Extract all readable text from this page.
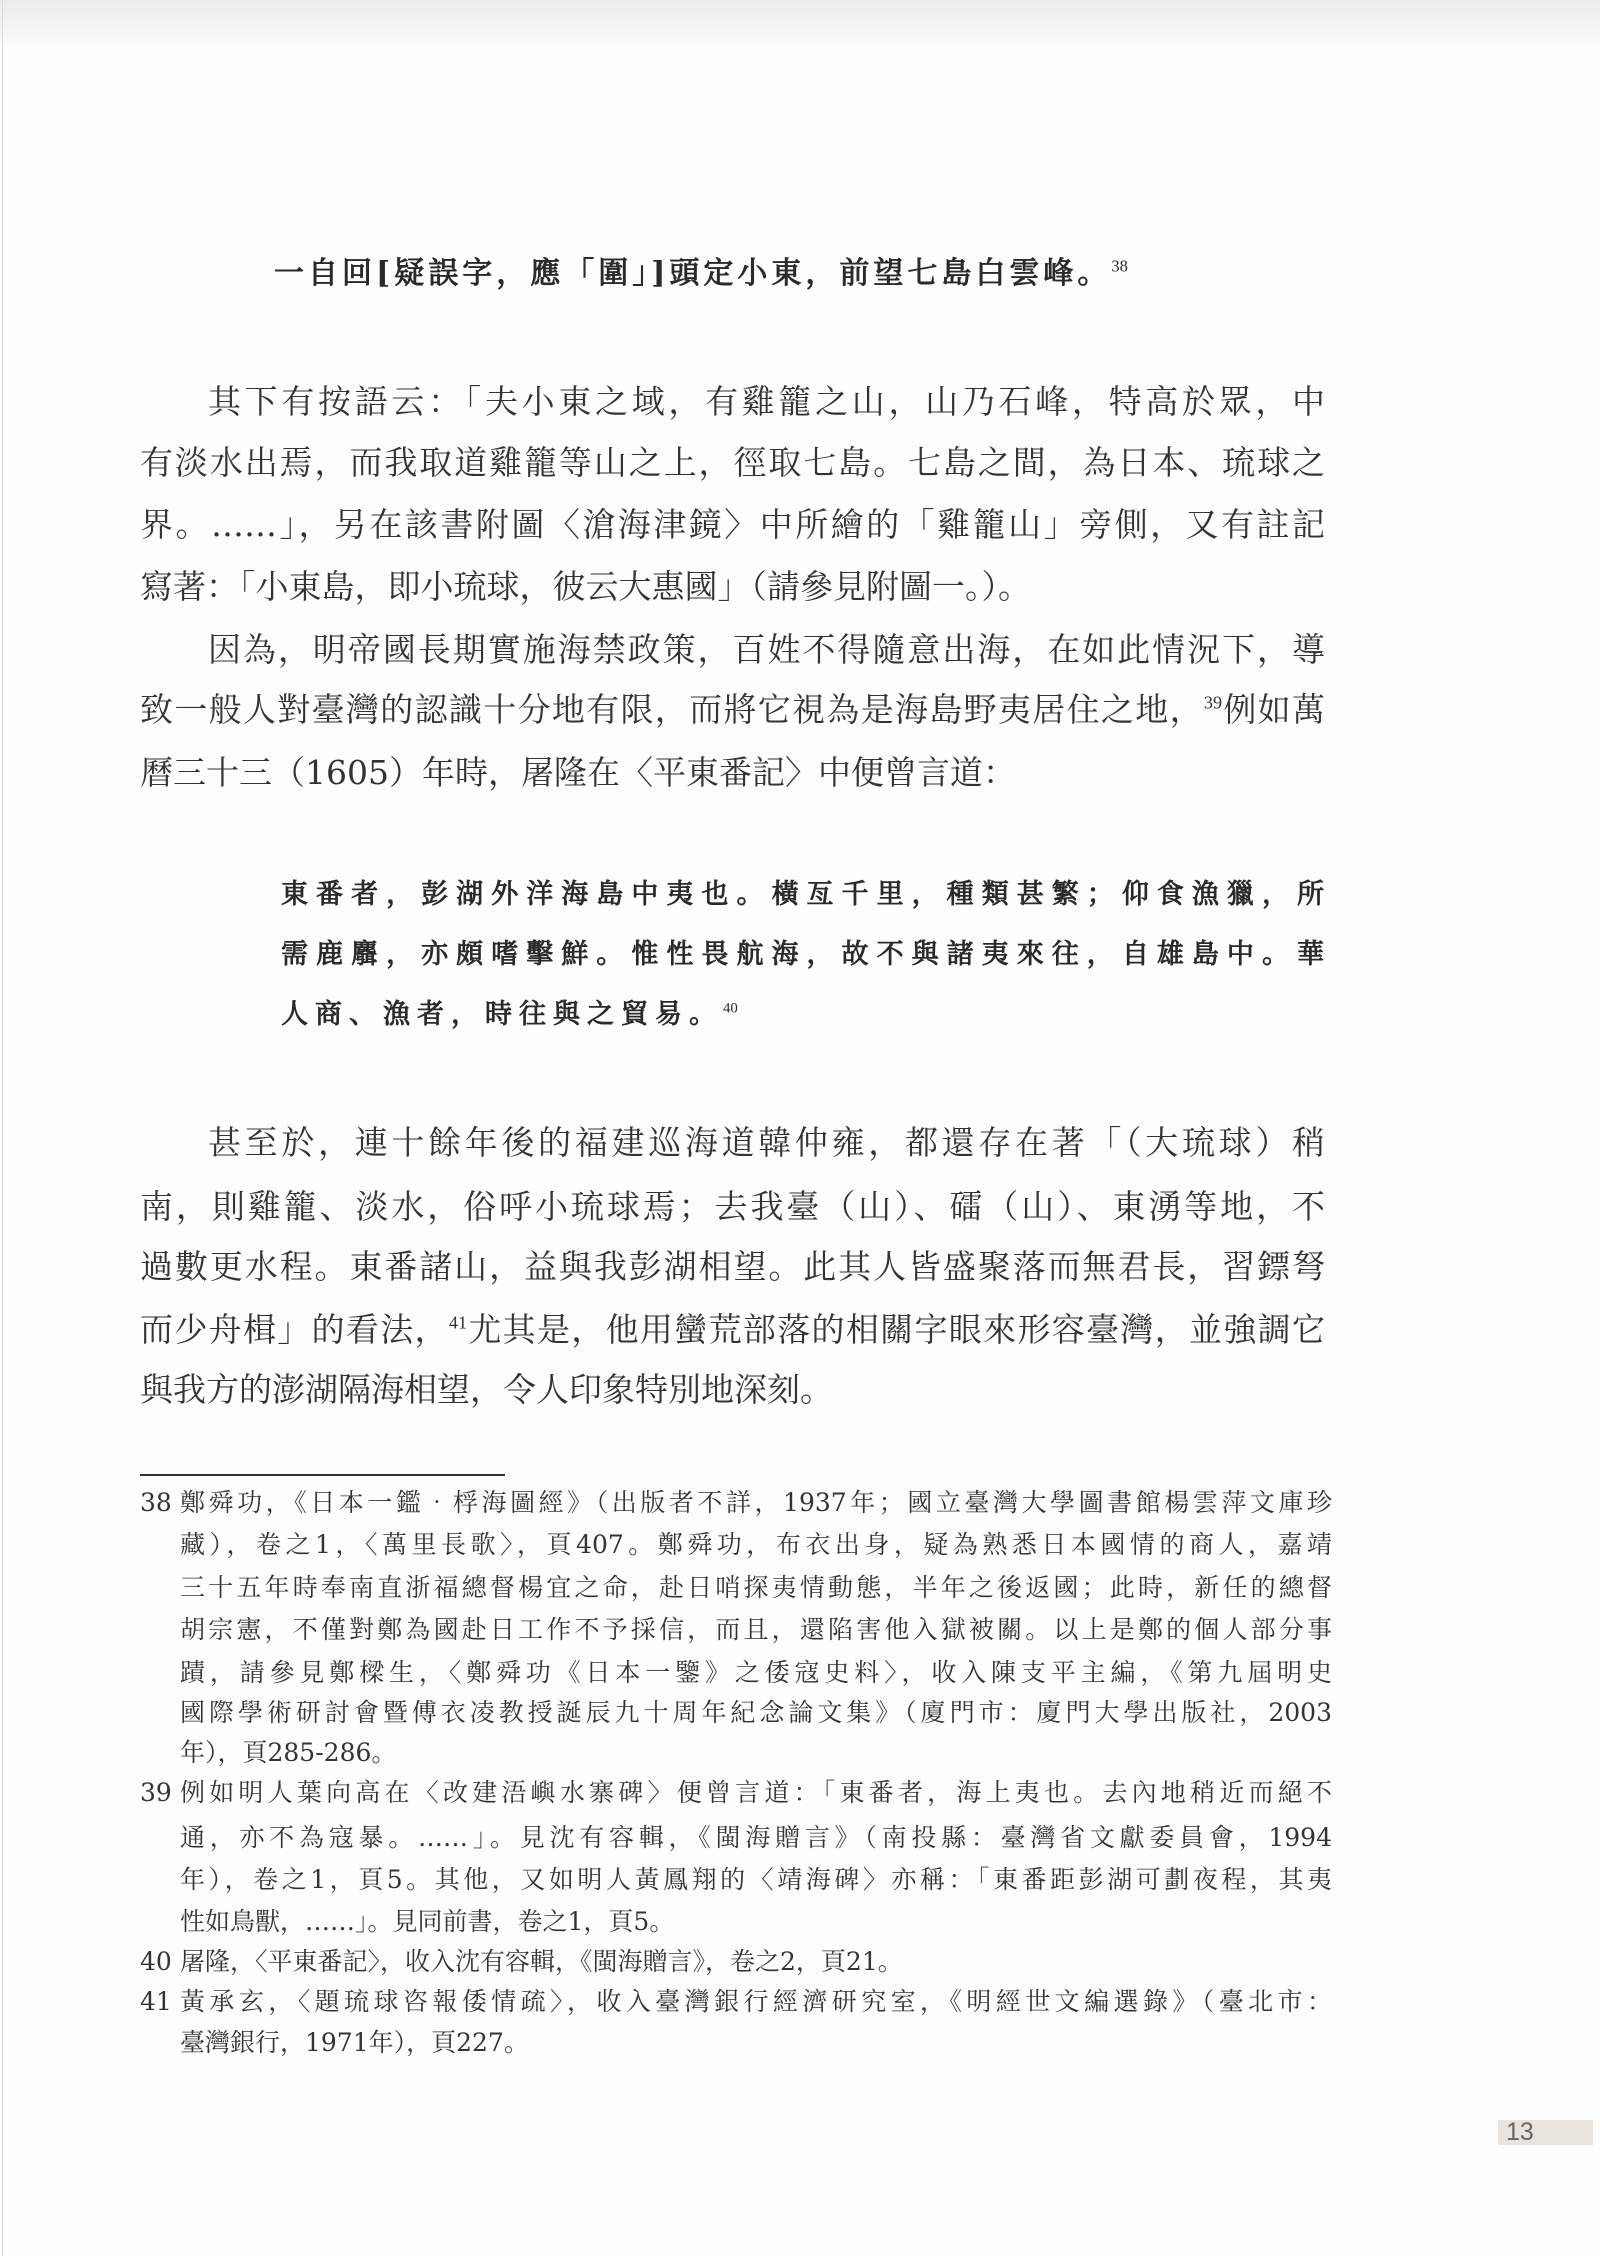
一自回[疑誤字，應「圍」]頭定小東，前望七島白雲峰。$^{38}$
其下有按語云：「夫小東之域，有雞籠之山，山乃石峰，特高於眾，中
有淡水出焉，而我取道雞籠等山之上，徑取七島。七島之間，為日本、琉球之
界。……」，另在該書附圖〈滄海津鏡〉中所繪的「雞籠山」旁側，又有註記
寫著：「小東島，即小琉球，彼云大惠國」（請參見附圖一。）。
因為，明帝國長期實施海禁政策，百姓不得隨意出海，在如此情況下，導
致一般人對臺灣的認識十分地有限，而將它視為是海島野夷居住之地，$^{39}$例如萬
曆三十三（1605）年時，屠隆在〈平東番記〉中便曾言道：
東番者，彭湖外洋海島中夷也。橫亙千里，種類甚繁；仰食漁獵，所
需鹿麛，亦頗嗜擊鮮。惟性畏航海，故不與諸夷來往，自雄島中。華
人商、漁者，時往與之貿易。$^{40}$
甚至於，連十餘年後的福建巡海道韓仲雍，都還存在著「（大琉球）稍
南，則雞籠、淡水，俗呼小琉球焉；去我臺（山）、礌（山）、東湧等地，不
過數更水程。東番諸山，益與我彭湖相望。此其人皆盛聚落而無君長，習鏢弩
而少舟楫」的看法，$^{41}$尤其是，他用蠻荒部落的相關字眼來形容臺灣，並強調它
與我方的澎湖隔海相望，令人印象特別地深刻。
38 鄭舜功，《日本一鑑‧桴海圖經》（出版者不詳，1937年；國立臺灣大學圖書館楊雲萍文庫珍
藏），卷之1，〈萬里長歌〉，頁407。鄭舜功，布衣出身，疑為熟悉日本國情的商人，嘉靖
三十五年時奉南直浙福總督楊宜之命，赴日哨探夷情動態，半年之後返國；此時，新任的總督
胡宗憲，不僅對鄭為國赴日工作不予採信，而且，還陷害他入獄被關。以上是鄭的個人部分事
蹟，請參見鄭樑生，〈鄭舜功《日本一鑒》之倭寇史料〉，收入陳支平主編，《第九屆明史
國際學術研討會暨傅衣凌教授誕辰九十周年紀念論文集》（廈門市：廈門大學出版社，2003
年），頁285-286。
39 例如明人葉向高在〈改建浯嶼水寨碑〉便曾言道：「東番者，海上夷也。去內地稍近而絕不
通，亦不為寇暴。……」。見沈有容輯，《閩海贈言》（南投縣：臺灣省文獻委員會，1994
年），卷之1，頁5。其他，又如明人黃鳳翔的〈靖海碑〉亦稱：「東番距彭湖可劃夜程，其夷
性如鳥獸，……」。見同前書，卷之1，頁5。
40 屠隆，〈平東番記〉，收入沈有容輯，《閩海贈言》，卷之2，頁21。
41 黃承玄，〈題琉球咨報倭情疏〉，收入臺灣銀行經濟研究室，《明經世文編選錄》（臺北市：
臺灣銀行，1971年），頁227。
13
